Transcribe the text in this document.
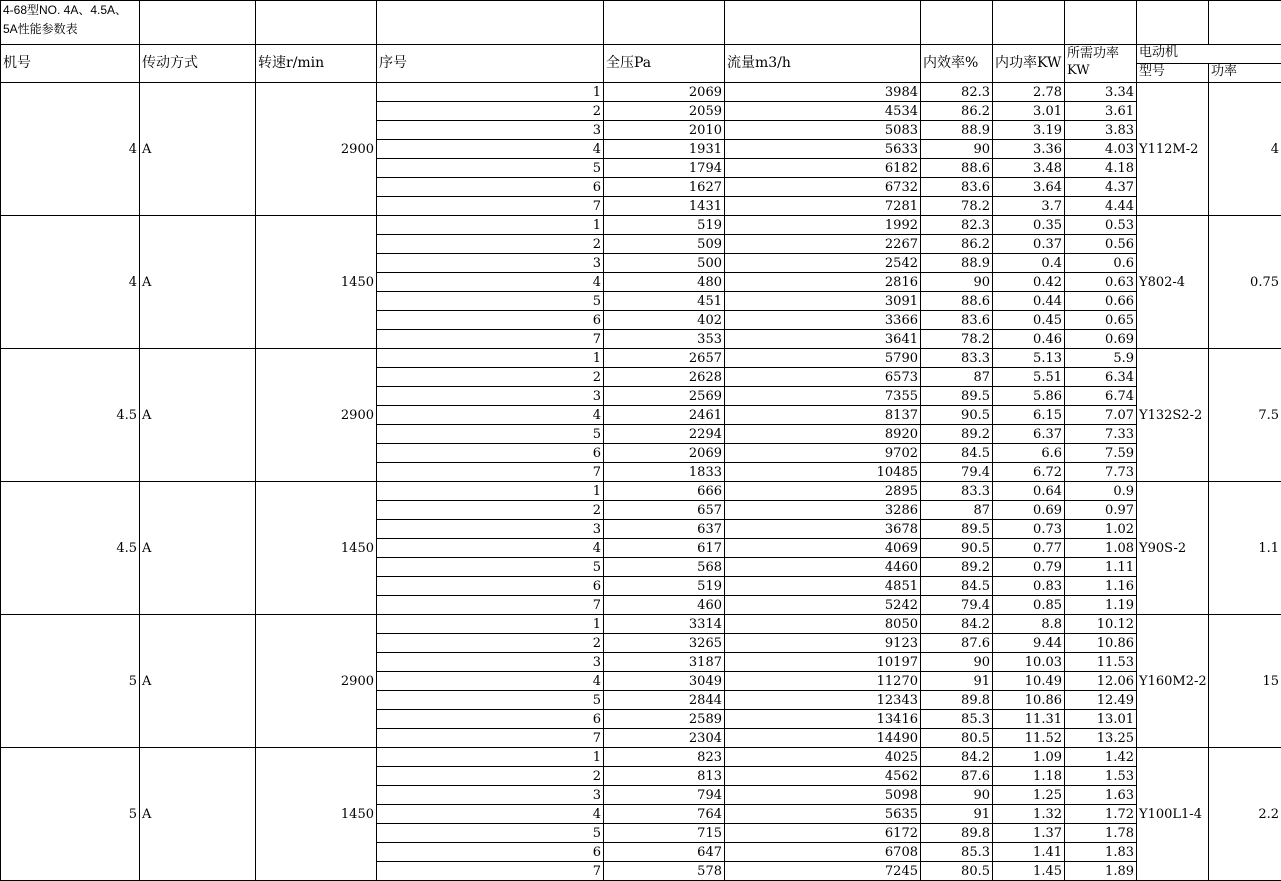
4-68型NO. 4A、4.5A、5A性能参数表										
机号	传动方式	转速r/min	序号	全压Pa	流量m3/h	内效率%	内功率KW	所需功率KW	电动机	
									型号	功率
4	A	2900	1	2069	3984	82.3	2.78	3.34	Y112M-2	4
			2	2059	4534	86.2	3.01	3.61		
			3	2010	5083	88.9	3.19	3.83		
			4	1931	5633	90	3.36	4.03		
			5	1794	6182	88.6	3.48	4.18		
			6	1627	6732	83.6	3.64	4.37		
			7	1431	7281	78.2	3.7	4.44		
4	A	1450	1	519	1992	82.3	0.35	0.53	Y802-4	0.75
			2	509	2267	86.2	0.37	0.56		
			3	500	2542	88.9	0.4	0.6		
			4	480	2816	90	0.42	0.63		
			5	451	3091	88.6	0.44	0.66		
			6	402	3366	83.6	0.45	0.65		
			7	353	3641	78.2	0.46	0.69		
4.5	A	2900	1	2657	5790	83.3	5.13	5.9	Y132S2-2	7.5
			2	2628	6573	87	5.51	6.34		
			3	2569	7355	89.5	5.86	6.74		
			4	2461	8137	90.5	6.15	7.07		
			5	2294	8920	89.2	6.37	7.33		
			6	2069	9702	84.5	6.6	7.59		
			7	1833	10485	79.4	6.72	7.73		
4.5	A	1450	1	666	2895	83.3	0.64	0.9	Y90S-2	1.1
			2	657	3286	87	0.69	0.97		
			3	637	3678	89.5	0.73	1.02		
			4	617	4069	90.5	0.77	1.08		
			5	568	4460	89.2	0.79	1.11		
			6	519	4851	84.5	0.83	1.16		
			7	460	5242	79.4	0.85	1.19		
5	A	2900	1	3314	8050	84.2	8.8	10.12	Y160M2-2	15
			2	3265	9123	87.6	9.44	10.86		
			3	3187	10197	90	10.03	11.53		
			4	3049	11270	91	10.49	12.06		
			5	2844	12343	89.8	10.86	12.49		
			6	2589	13416	85.3	11.31	13.01		
			7	2304	14490	80.5	11.52	13.25		
5	A	1450	1	823	4025	84.2	1.09	1.42	Y100L1-4	2.2
			2	813	4562	87.6	1.18	1.53		
			3	794	5098	90	1.25	1.63		
			4	764	5635	91	1.32	1.72		
			5	715	6172	89.8	1.37	1.78		
			6	647	6708	85.3	1.41	1.83		
			7	578	7245	80.5	1.45	1.89		
